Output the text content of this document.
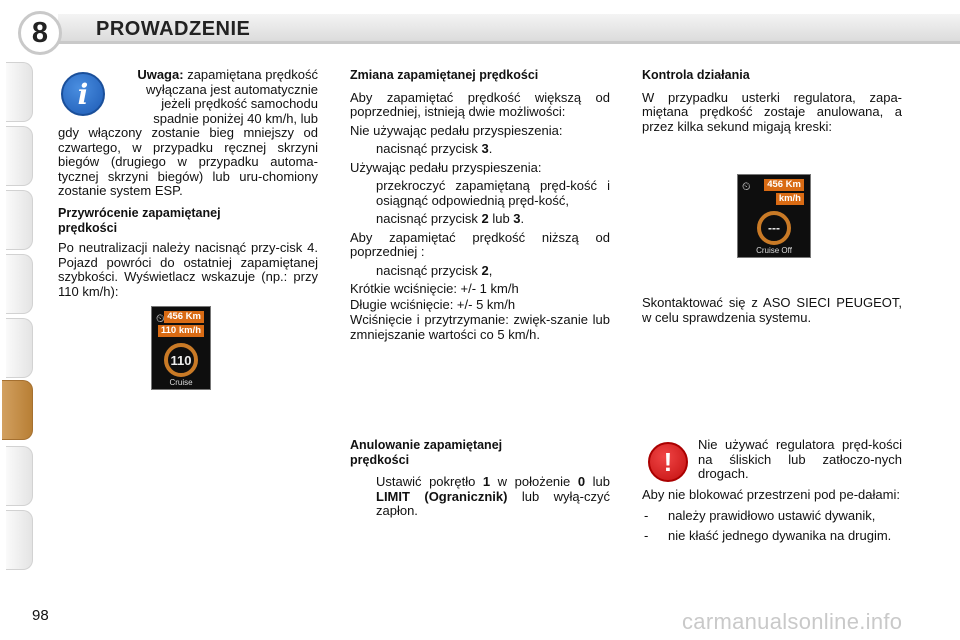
8 PROWADZENIE
i
Uwaga: zapamiętana prędkość
wyłączana jest automatycznie
jeżeli prędkość samochodu
spadnie poniżej 40 km/h, lub
gdy włączony zostanie bieg mniejszy od czwartego, w przypadku ręcznej skrzyni biegów (drugiego w przypadku automa-tycznej skrzyni biegów) lub uru-chomiony zostanie system ESP.
Przywrócenie zapamiętanej
prędkości

Po neutralizacji należy nacisnąć przy-cisk 4. Pojazd powróci do ostatniej zapamiętanej szybkości. Wyświetlacz wskazuje (np.: przy 110 km/h):

⏲ 456 Km
110 km/h
110
Cruise
Zmiana zapamiętanej prędkości

Aby zapamiętać prędkość większą od poprzedniej, istnieją dwie możliwości:

Nie używając pedału przyspieszenia:

nacisnąć przycisk 3.

Używając pedału przyspieszenia:

przekroczyć zapamiętaną pręd-kość i osiągnąć odpowiednią pręd-kość,
nacisnąć przycisk 2 lub 3.

Aby zapamiętać prędkość niższą od poprzedniej :

nacisnąć przycisk 2,

Krótkie wciśnięcie: +/- 1 km/h

Długie wciśnięcie: +/- 5 km/h

Wciśnięcie i przytrzymanie: zwięk-szanie lub zmniejszanie wartości co 5 km/h.

Anulowanie zapamiętanej
prędkości
Ustawić pokrętło 1 w położenie 0 lub LIMIT (Ogranicznik) lub wyłą-czyć zapłon.
Kontrola działania

W przypadku usterki regulatora, zapa-miętana prędkość zostaje anulowana, a przez kilka sekund migają kreski:

⏲	456 Km
km/h
---
Cruise Off
Skontaktować się z ASO SIECI PEUGEOT, w celu sprawdzenia systemu.
!
Nie używać regulatora pręd-kości na śliskich lub zatłoczo-nych drogach.

Aby nie blokować przestrzeni pod pe-dałami:

-	należy prawidłowo ustawić dywanik,
-	nie kłaść jednego dywanika na drugim.
98	carmanualsonline.info
